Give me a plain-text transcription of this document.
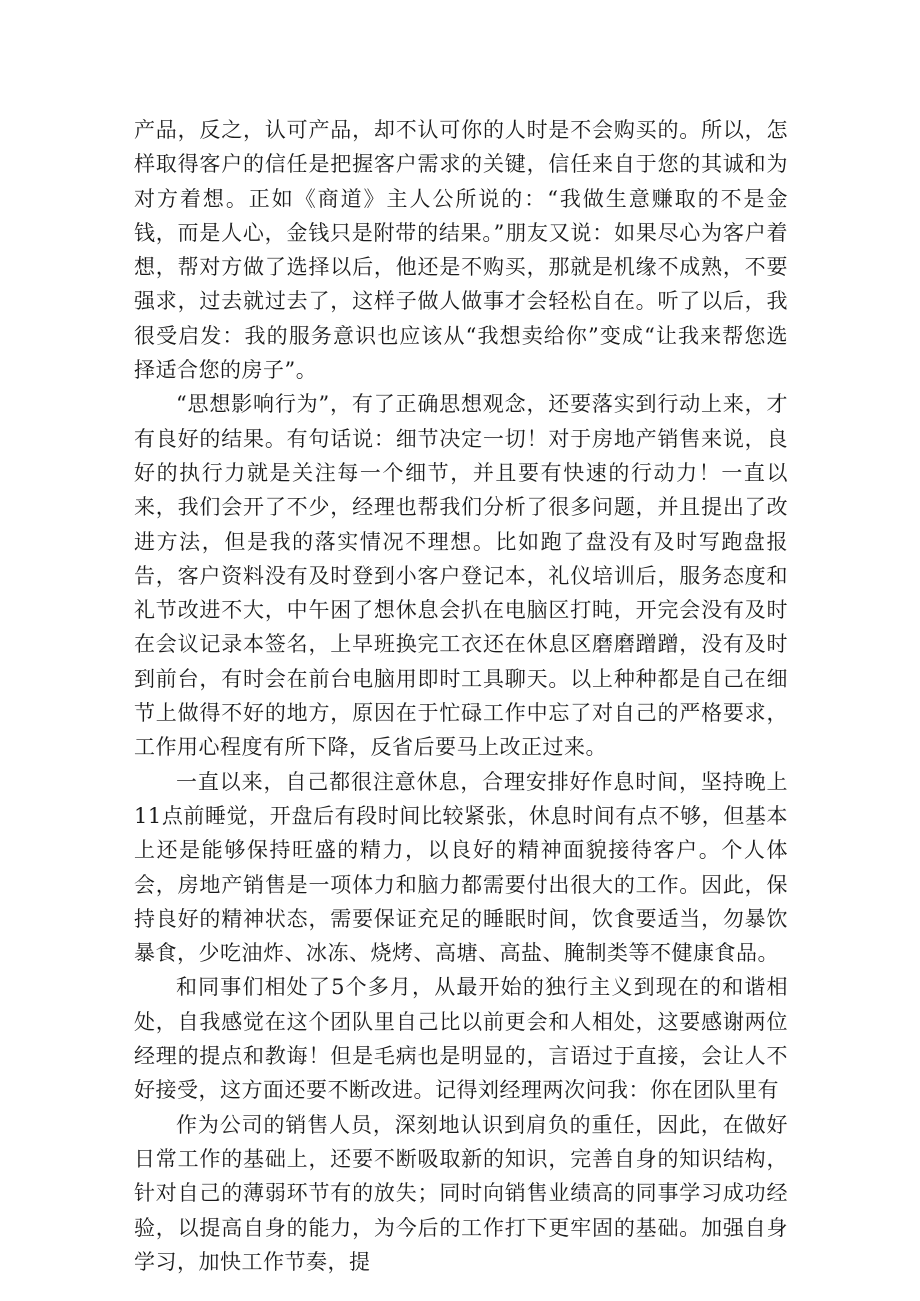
产品，反之，认可产品，却不认可你的人时是不会购买的。所以，怎样取得客户的信任是把握客户需求的关键，信任来自于您的其诚和为对方着想。正如《商道》主人公所说的：“我做生意赚取的不是金钱，而是人心，金钱只是附带的结果。”朋友又说：如果尽心为客户着想，帮对方做了选择以后，他还是不购买，那就是机缘不成熟，不要强求，过去就过去了，这样子做人做事才会轻松自在。听了以后，我很受启发：我的服务意识也应该从“我想卖给你”变成“让我来帮您选择适合您的房子”。

“思想影响行为”，有了正确思想观念，还要落实到行动上来，才有良好的结果。有句话说：细节决定一切！对于房地产销售来说，良好的执行力就是关注每一个细节，并且要有快速的行动力！一直以来，我们会开了不少，经理也帮我们分析了很多问题，并且提出了改进方法，但是我的落实情况不理想。比如跑了盘没有及时写跑盘报告，客户资料没有及时登到小客户登记本，礼仪培训后，服务态度和礼节改进不大，中午困了想休息会扒在电脑区打盹，开完会没有及时在会议记录本签名，上早班换完工衣还在休息区磨磨蹭蹭，没有及时到前台，有时会在前台电脑用即时工具聊天。以上种种都是自己在细节上做得不好的地方，原因在于忙碌工作中忘了对自己的严格要求，工作用心程度有所下降，反省后要马上改正过来。

一直以来，自己都很注意休息，合理安排好作息时间，坚持晚上11点前睡觉，开盘后有段时间比较紧张，休息时间有点不够，但基本上还是能够保持旺盛的精力，以良好的精神面貌接待客户。个人体会，房地产销售是一项体力和脑力都需要付出很大的工作。因此，保持良好的精神状态，需要保证充足的睡眠时间，饮食要适当，勿暴饮暴食，少吃油炸、冰冻、烧烤、高塘、高盐、腌制类等不健康食品。

和同事们相处了5个多月，从最开始的独行主义到现在的和谐相处，自我感觉在这个团队里自己比以前更会和人相处，这要感谢两位经理的提点和教诲！但是毛病也是明显的，言语过于直接，会让人不好接受，这方面还要不断改进。记得刘经理两次问我：你在团队里有

作为公司的销售人员，深刻地认识到肩负的重任，因此，在做好日常工作的基础上，还要不断吸取新的知识，完善自身的知识结构，针对自己的薄弱环节有的放失；同时向销售业绩高的同事学习成功经验，以提高自身的能力，为今后的工作打下更牢固的基础。加强自身学习，加快工作节奏，提
